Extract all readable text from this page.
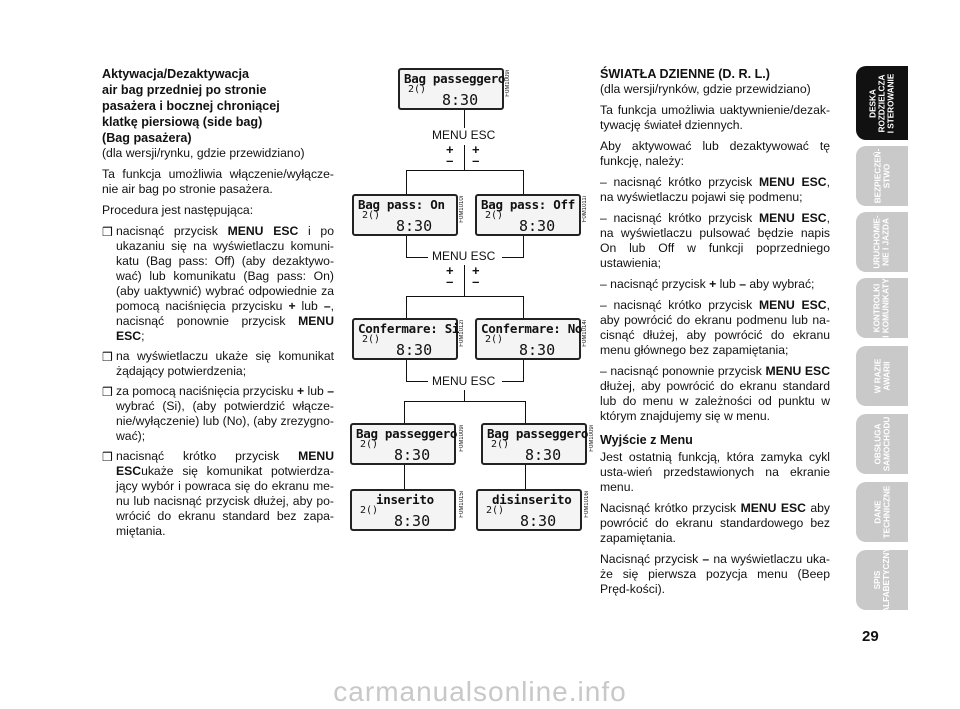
Aktywacja/Dezaktywacja
air bag przedniej po stronie
pasażera i bocznej chroniącej
klatkę piersiową (side bag)
(Bag pasażera)

(dla wersji/rynku, gdzie przewidziano)

Ta funkcja umożliwia włączenie/wyłącze-nie air bag po stronie pasażera.

Procedura jest następująca:

❒ nacisnąć przycisk MENU ESC i po ukazaniu się na wyświetlaczu komuni-katu (Bag pass: Off) (aby dezaktywo-wać) lub komunikatu (Bag pass: On) (aby uaktywnić) wybrać odpowiednie za pomocą naciśnięcia przycisku + lub –, nacisnąć ponownie przycisk MENU ESC;
❒ na wyświetlaczu ukaże się komunikat żądający potwierdzenia;
❒ za pomocą naciśnięcia przycisku + lub – wybrać (Si), (aby potwierdzić włącze-nie/wyłączenie) lub (No), (aby zrezygno-wać);
❒ nacisnąć krótko przycisk MENU ESCukaże się komunikat potwierdza-jący wybór i powraca się do ekranu me-nu lub nacisnąć przycisk dłużej, aby po-wrócić do ekranu standard bez zapa-miętania.
Bag passeggero
2()
8:30
F0M1009i
MENU ESC
+
–
+
–
Bag pass: On
2()
8:30
F0M1010i Bag pass: Off
2()
8:30
F0M1011i
MENU ESC
+
–
+
–
Confermare: Si
2()
8:30
F0M1012i Confermare: No
2()
8:30
F0M1014i
MENU ESC
Bag passeggero
2()
8:30
F0M1009i Bag passeggero
2()
8:30
F0M1009i
inserito
2()
8:30
F0M1015i disinserito
2()
8:30
F0M1016i
ŚWIATŁA DZIENNE (D. R. L.)

(dla wersji/rynków, gdzie przewidziano)

Ta funkcja umożliwia uaktywnienie/dezak-tywację świateł dziennych.

Aby aktywować lub dezaktywować tę funkcję, należy:

– nacisnąć krótko przycisk MENU ESC, na wyświetlaczu pojawi się podmenu;

– nacisnąć krótko przycisk MENU ESC, na wyświetlaczu pulsować będzie napis On lub Off w funkcji poprzedniego ustawienia;

– nacisnąć przycisk + lub – aby wybrać;

– nacisnąć krótko przycisk MENU ESC, aby powrócić do ekranu podmenu lub na-cisnąć dłużej, aby powrócić do ekranu menu głównego bez zapamiętania;

– nacisnąć ponownie przycisk MENU ESC dłużej, aby powrócić do ekranu standard lub do menu w zależności od punktu w którym znajdujemy się w menu.

Wyjście z Menu

Jest ostatnią funkcją, która zamyka cykl usta-wień przedstawionych na ekranie menu.

Nacisnąć krótko przycisk MENU ESC aby powrócić do ekranu standardowego bez zapamiętania.

Nacisnąć przycisk – na wyświetlaczu uka-że się pierwsza pozycja menu (Beep Pręd-kości).

DESKA
ROZDZIELCZA
I STEROWANIE
BEZPIECZEŃ-
STWO
URUCHOMIE-
NIE I JAZDA
KONTROLKI
I KOMUNIKATY
W RAZIE
AWARII
OBSŁUGA
SAMOCHODU
DANE
TECHNICZNE
SPIS
ALFABETYCZNY
29
carmanualsonline.info
